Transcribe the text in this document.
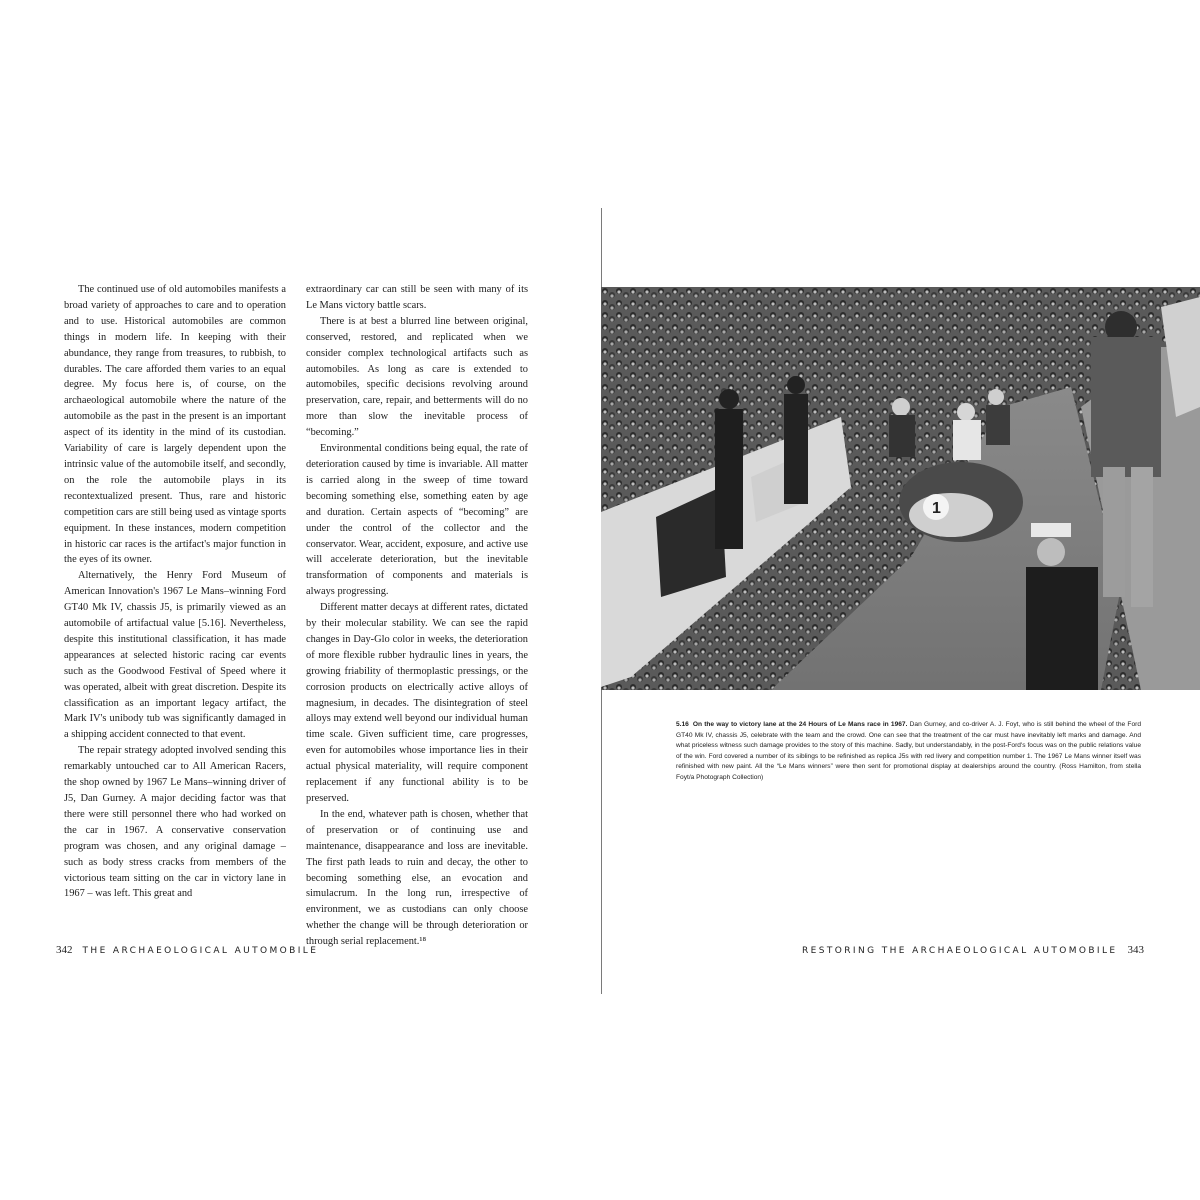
The continued use of old automobiles manifests a broad variety of approaches to care and to operation and to use. Historical automobiles are common things in modern life. In keeping with their abundance, they range from treasures, to rubbish, to durables. The care afforded them varies to an equal degree. My focus here is, of course, on the archaeological automobile where the nature of the automobile as the past in the present is an important aspect of its identity in the mind of its custodian. Variability of care is largely dependent upon the intrinsic value of the automobile itself, and secondly, on the role the automobile plays in its recontextualized present. Thus, rare and historic competition cars are still being used as vintage sports equipment. In these instances, modern competition in historic car races is the artifact's major function in the eyes of its owner.

Alternatively, the Henry Ford Museum of American Innovation's 1967 Le Mans–winning Ford GT40 Mk IV, chassis J5, is primarily viewed as an automobile of artifactual value [5.16]. Nevertheless, despite this institutional classification, it has made appearances at selected historic racing car events such as the Goodwood Festival of Speed where it was operated, albeit with great discretion. Despite its classification as an important legacy artifact, the Mark IV's unibody tub was significantly damaged in a shipping accident connected to that event.

The repair strategy adopted involved sending this remarkably untouched car to All American Racers, the shop owned by 1967 Le Mans–winning driver of J5, Dan Gurney. A major deciding factor was that there were still personnel there who had worked on the car in 1967. A conservative conservation program was chosen, and any original damage – such as body stress cracks from members of the victorious team sitting on the car in victory lane in 1967 – was left. This great and

extraordinary car can still be seen with many of its Le Mans victory battle scars.

There is at best a blurred line between original, conserved, restored, and replicated when we consider complex technological artifacts such as automobiles. As long as care is extended to automobiles, specific decisions revolving around preservation, care, repair, and betterments will do no more than slow the inevitable process of “becoming.”

Environmental conditions being equal, the rate of deterioration caused by time is invariable. All matter is carried along in the sweep of time toward becoming something else, something eaten by age and duration. Certain aspects of “becoming” are under the control of the collector and the conservator. Wear, accident, exposure, and active use will accelerate deterioration, but the inevitable transformation of components and materials is always progressing.

Different matter decays at different rates, dictated by their molecular stability. We can see the rapid changes in Day-Glo color in weeks, the deterioration of more flexible rubber hydraulic lines in years, the growing friability of thermoplastic pressings, or the corrosion products on electrically active alloys of magnesium, in decades. The disintegration of steel alloys may extend well beyond our individual human time scale. Given sufficient time, care progresses, even for automobiles whose importance lies in their actual physical materiality, will require component replacement if any functional ability is to be preserved.

In the end, whatever path is chosen, whether that of preservation or of continuing use and maintenance, disappearance and loss are inevitable. The first path leads to ruin and decay, the other to becoming something else, an evocation and simulacrum. In the long run, irrespective of environment, we as custodians can only choose whether the change will be through deterioration or through serial replacement.¹⁸

342 THE ARCHAEOLOGICAL AUTOMOBILE
1
5.16 On the way to victory lane at the 24 Hours of Le Mans race in 1967. Dan Gurney, and co-driver A. J. Foyt, who is still behind the wheel of the Ford GT40 Mk IV, chassis J5, celebrate with the team and the crowd. One can see that the treatment of the car must have inevitably left marks and damage. And what priceless witness such damage provides to the story of this machine. Sadly, but understandably, in the post-Ford's focus was on the public relations value of the win. Ford covered a number of its siblings to be refinished as replica J5s with red livery and competition number 1. The 1967 Le Mans winner itself was refinished with new paint. All the “Le Mans winners” were then sent for promotional display at dealerships around the country. (Ross Hamilton, from stella Foyt/a Photograph Collection)
RESTORING THE ARCHAEOLOGICAL AUTOMOBILE 343
